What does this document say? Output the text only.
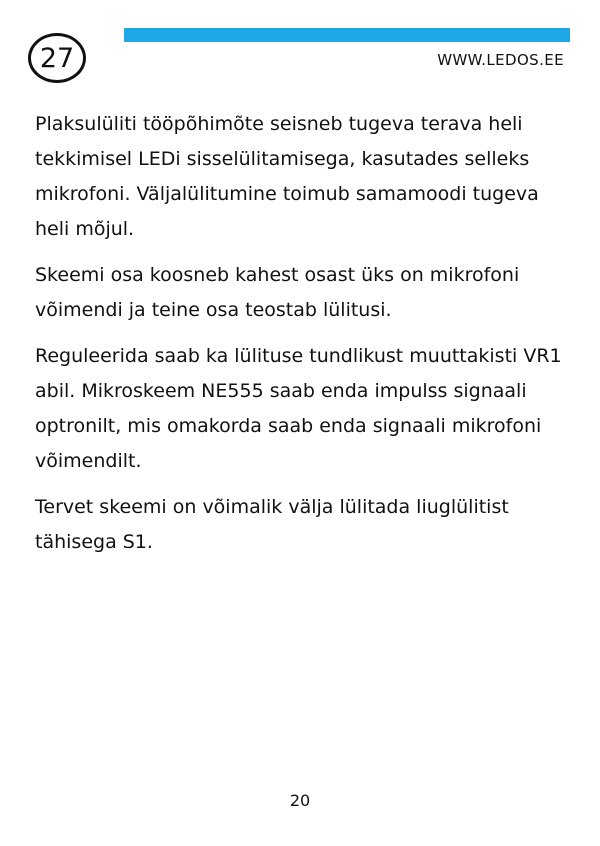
27	WWW.LEDOS.EE

Plaksulüliti tööpõhimõte seisneb tugeva terava heli tekkimisel LEDi sisselülitamisega, kasutades selleks mikrofoni. Väljalülitumine toimub samamoodi tugeva heli mõjul.

Skeemi osa koosneb kahest osast üks on mikrofoni võimendi ja teine osa teostab lülitusi.

Reguleerida saab ka lülituse tundlikust muuttakisti VR1 abil. Mikroskeem NE555 saab enda impulss signaali optronilt, mis omakorda saab enda signaali mikrofoni võimendilt.

Tervet skeemi on võimalik välja lülitada liuglülitist tähisega S1.

20
